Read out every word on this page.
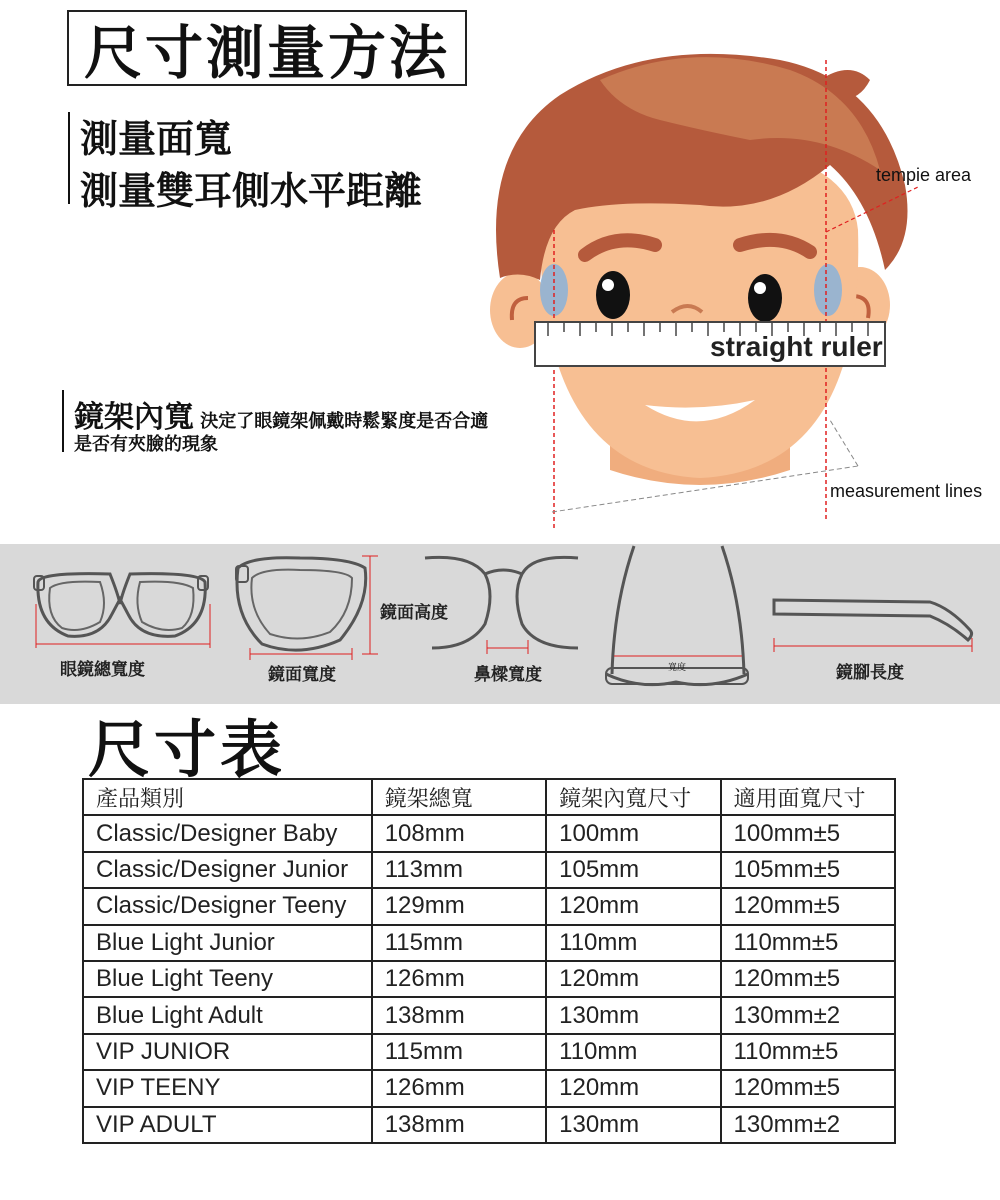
尺寸測量方法
測量面寬
測量雙耳側水平距離
鏡架內寬 決定了眼鏡架佩戴時鬆緊度是否合適
是否有夾臉的現象
tempie area
straight ruler
measurement lines
眼鏡總寬度	鏡面寬度
鏡面高度
鼻樑寬度	寬度	鏡腳長度
尺寸表
產品類別	鏡架總寬	鏡架內寬尺寸	適用面寬尺寸
Classic/Designer Baby	108mm	100mm	100mm±5
Classic/Designer Junior	113mm	105mm	105mm±5
Classic/Designer Teeny	129mm	120mm	120mm±5
Blue Light Junior	115mm	110mm	110mm±5
Blue Light Teeny	126mm	120mm	120mm±5
Blue Light Adult	138mm	130mm	130mm±2
VIP JUNIOR	115mm	110mm	110mm±5
VIP TEENY	126mm	120mm	120mm±5
VIP ADULT	138mm	130mm	130mm±2
